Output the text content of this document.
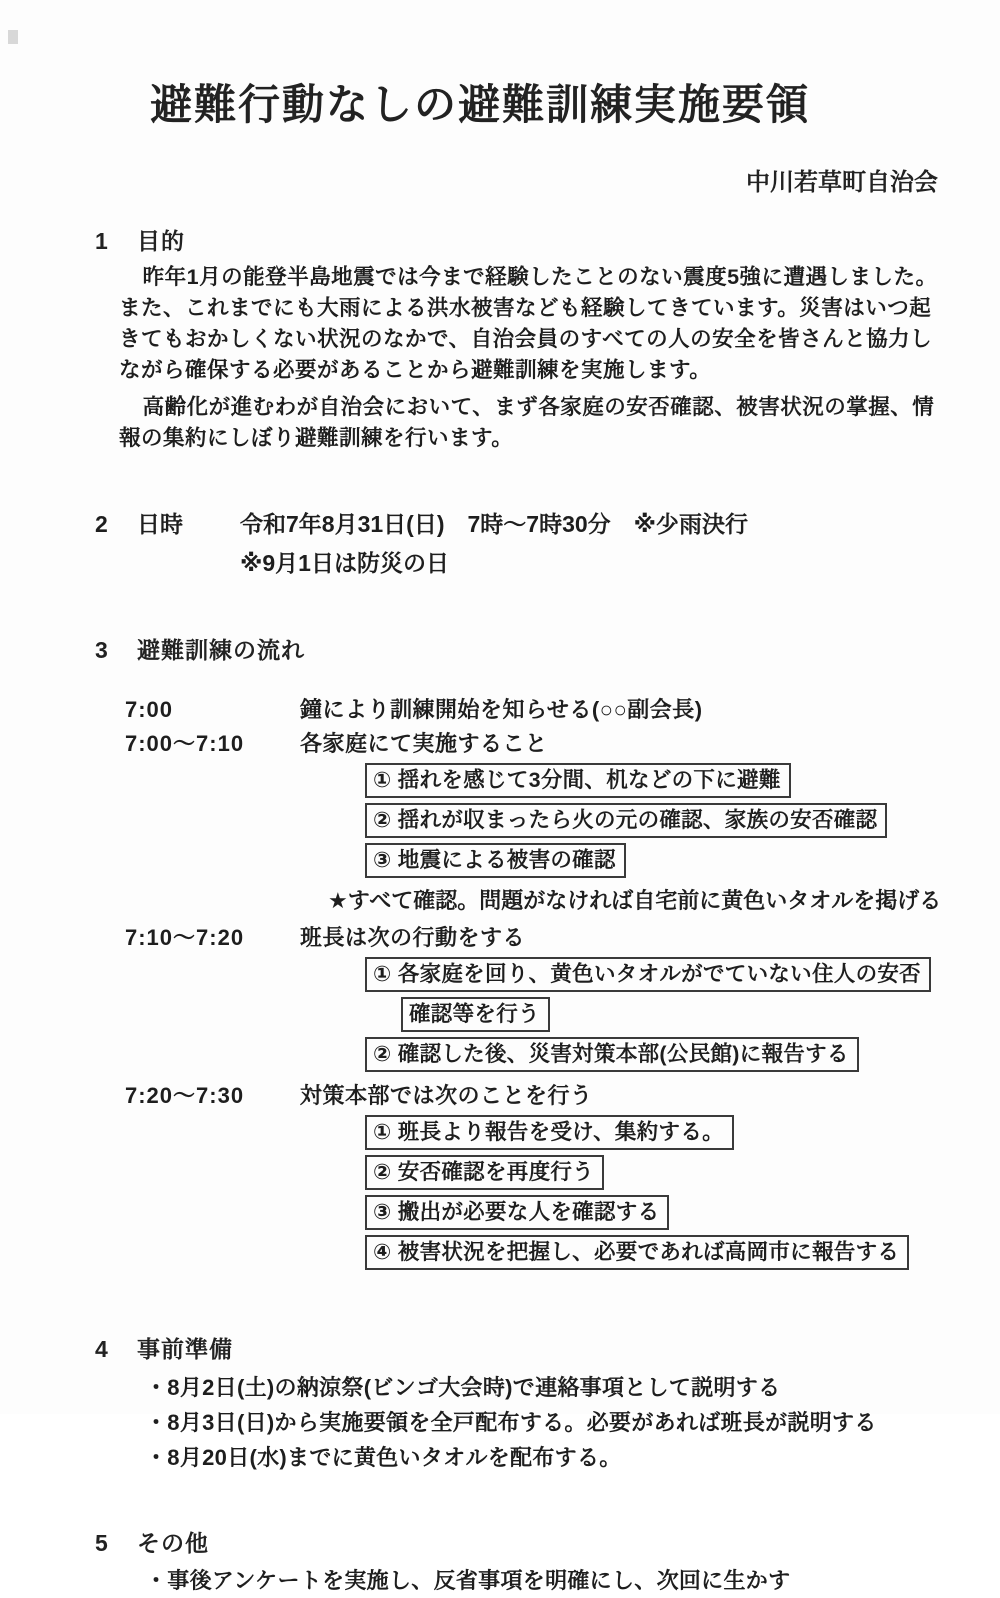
避難行動なしの避難訓練実施要領
中川若草町自治会
1	目的

昨年1月の能登半島地震では今まで経験したことのない震度5強に遭遇しました。また、これまでにも大雨による洪水被害なども経験してきています。災害はいつ起きてもおかしくない状況のなかで、自治会員のすべての人の安全を皆さんと協力しながら確保する必要があることから避難訓練を実施します。

高齢化が進むわが自治会において、まず各家庭の安否確認、被害状況の掌握、情報の集約にしぼり避難訓練を行います。

2	日時	令和7年8月31日(日)　7時～7時30分　※少雨決行
※9月1日は防災の日
3	避難訓練の流れ
7:00	鐘により訓練開始を知らせる(○○副会長)
7:00～7:10	各家庭にて実施すること
① 揺れを感じて3分間、机などの下に避難
② 揺れが収まったら火の元の確認、家族の安否確認
③ 地震による被害の確認
★すべて確認。問題がなければ自宅前に黄色いタオルを掲げる
7:10～7:20	班長は次の行動をする
① 各家庭を回り、黄色いタオルがでていない住人の安否
確認等を行う
② 確認した後、災害対策本部(公民館)に報告する
7:20～7:30	対策本部では次のことを行う
① 班長より報告を受け、集約する。
② 安否確認を再度行う
③ 搬出が必要な人を確認する
④ 被害状況を把握し、必要であれば高岡市に報告する
4	事前準備
・8月2日(土)の納涼祭(ビンゴ大会時)で連絡事項として説明する
・8月3日(日)から実施要領を全戸配布する。必要があれば班長が説明する
・8月20日(水)までに黄色いタオルを配布する。
5	その他
・事後アンケートを実施し、反省事項を明確にし、次回に生かす
